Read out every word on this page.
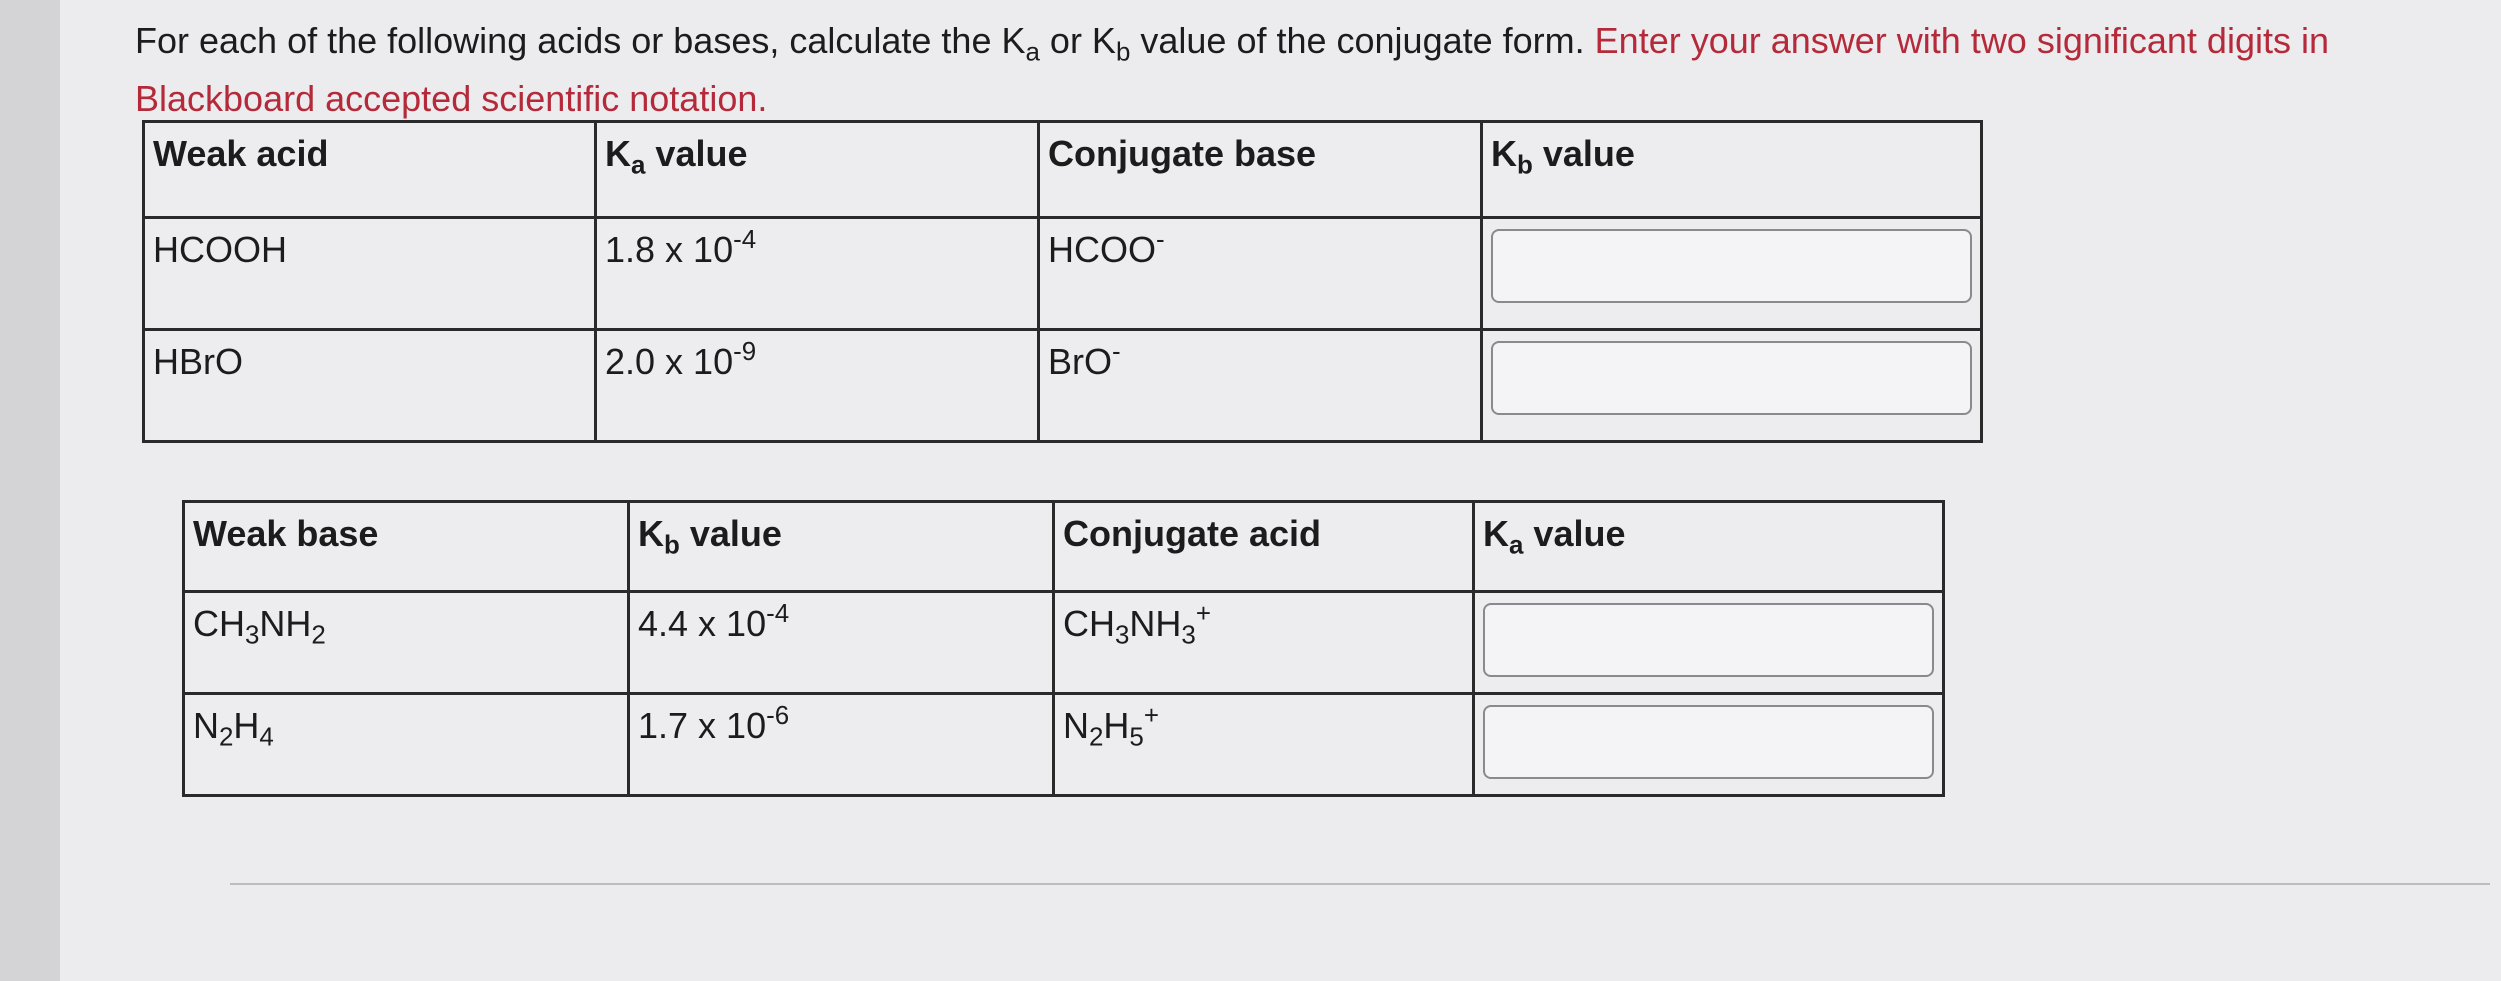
For each of the following acids or bases, calculate the $K_a$ or $K_b$ value of the conjugate form. Enter your answer with two significant digits in Blackboard accepted scientific notation.
Weak acid	$K_a$ value	Conjugate base	$K_b$ value
HCOOH	1.8 x $10^{-4}$	HCOO-	
HBrO	2.0 x $10^{-9}$	BrO-	
Weak base	$K_b$ value	Conjugate acid	$K_a$ value
$CH_3NH_2$	4.4 x $10^{-4}$	$CH_3NH_3^+$	
$N_2H_4$	1.7 x $10^{-6}$	$N_2H_5^+$	
